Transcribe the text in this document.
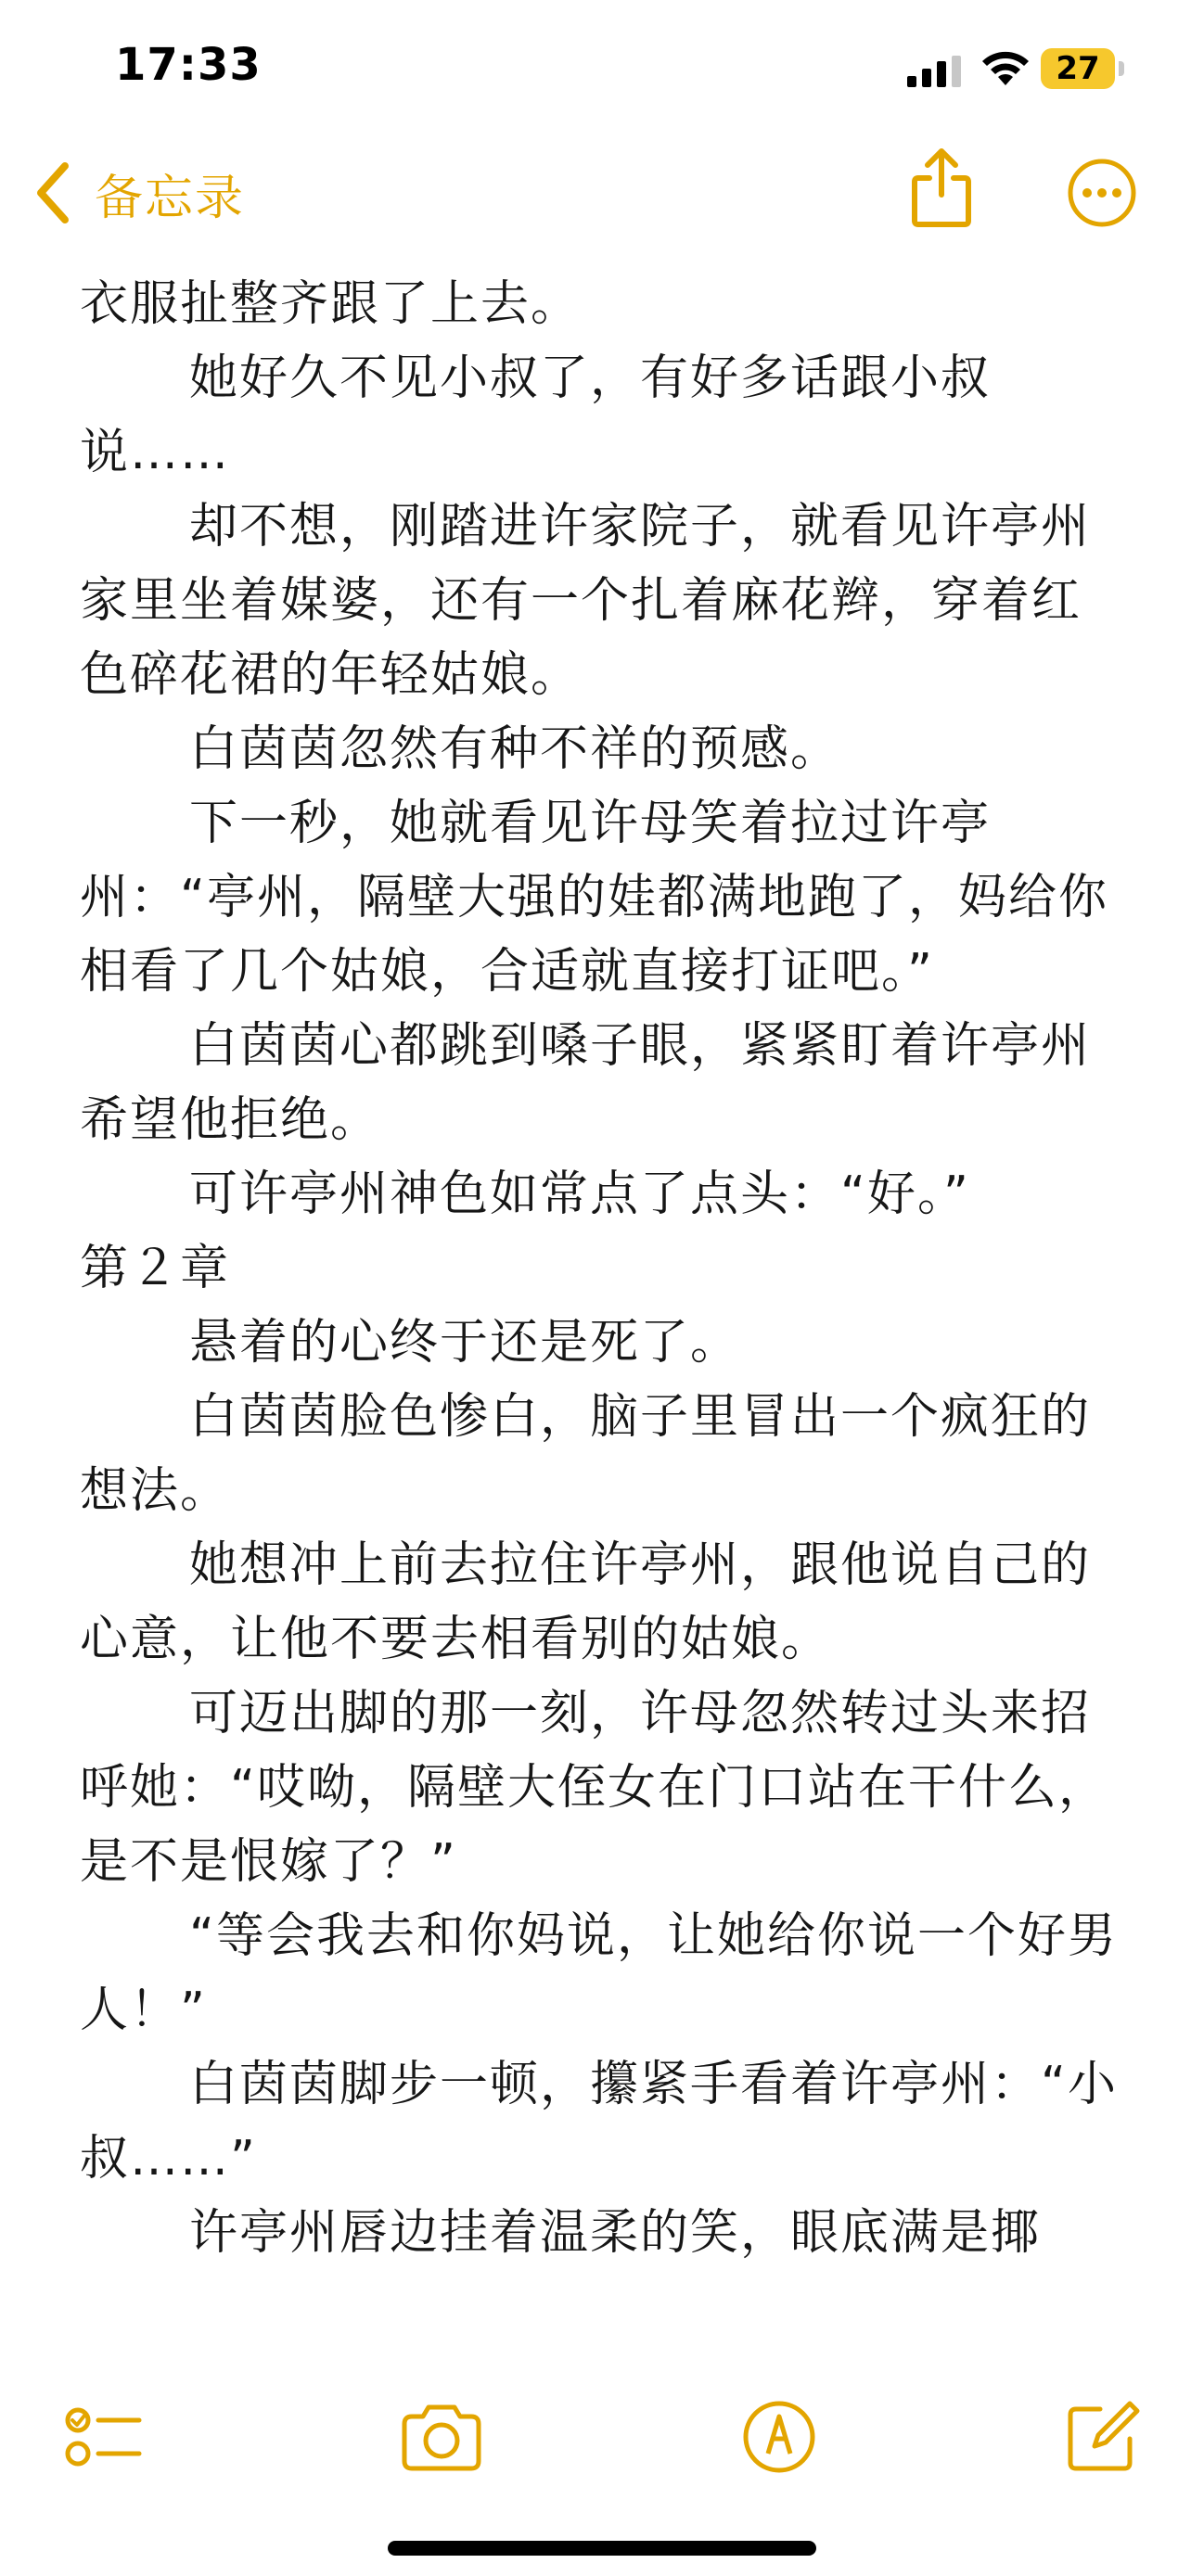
17:33	27
备忘录

衣服扯整齐跟了上去。

她好久不见小叔了，有好多话跟小叔说……

却不想，刚踏进许家院子，就看见许亭州家里坐着媒婆，还有一个扎着麻花辫，穿着红色碎花裙的年轻姑娘。

白茵茵忽然有种不祥的预感。

下一秒，她就看见许母笑着拉过许亭州：“亭州，隔壁大强的娃都满地跑了，妈给你相看了几个姑娘，合适就直接打证吧。”

白茵茵心都跳到嗓子眼，紧紧盯着许亭州希望他拒绝。

可许亭州神色如常点了点头：“好。”

第２章

悬着的心终于还是死了。

白茵茵脸色惨白，脑子里冒出一个疯狂的想法。

她想冲上前去拉住许亭州，跟他说自己的心意，让他不要去相看别的姑娘。

可迈出脚的那一刻，许母忽然转过头来招呼她：“哎呦，隔壁大侄女在门口站在干什么，是不是恨嫁了？”

“等会我去和你妈说，让她给你说一个好男人！”

白茵茵脚步一顿，攥紧手看着许亭州：“小叔……”

许亭州唇边挂着温柔的笑，眼底满是揶
